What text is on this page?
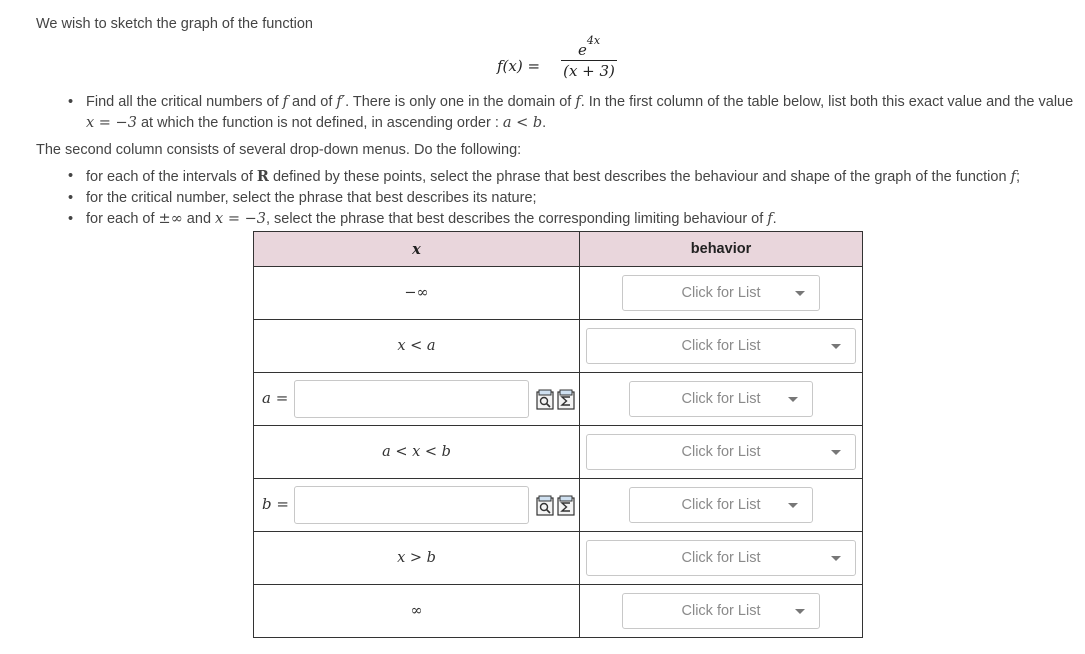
We wish to sketch the graph of the function
f(x) =
$e^{4x}$
(x + 3)
• Find all the critical numbers of f and of f′. There is only one in the domain of f. In the first column of the table below, list both this exact value and the value x = −3 at which the function is not defined, in ascending order : a < b.
The second column consists of several drop-down menus. Do the following:
• for each of the intervals of R defined by these points, select the phrase that best describes the behaviour and shape of the graph of the function f;
• for the critical number, select the phrase that best describes its nature;
• for each of ±∞ and x = −3, select the phrase that best describes the corresponding limiting behaviour of f.
x	behavior
−∞	Click for List

x < a	Click for List

a =	Click for List

a < x < b	Click for List

b =	Click for List

x > b	Click for List

∞	Click for List
